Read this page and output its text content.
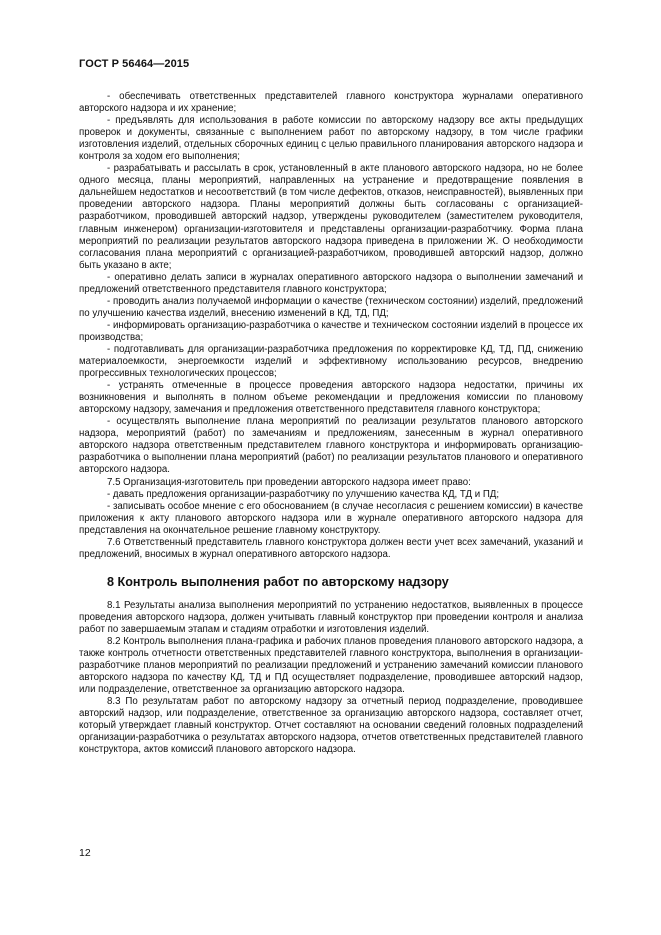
ГОСТ Р 56464—2015

- обеспечивать ответственных представителей главного конструктора журналами оперативного авторского надзора и их хранение;

- предъявлять для использования в работе комиссии по авторскому надзору все акты предыдущих проверок и документы, связанные с выполнением работ по авторскому надзору, в том числе графики изготовления изделий, отдельных сборочных единиц с целью правильного планирования авторского надзора и контроля за ходом его выполнения;

- разрабатывать и рассылать в срок, установленный в акте планового авторского надзора, но не более одного месяца, планы мероприятий, направленных на устранение и предотвращение появления в дальнейшем недостатков и несоответствий (в том числе дефектов, отказов, неисправностей), выявленных при проведении авторского надзора. Планы мероприятий должны быть согласованы с организацией-разработчиком, проводившей авторский надзор, утверждены руководителем (заместителем руководителя, главным инженером) организации-изготовителя и представлены организации-разработчику. Форма плана мероприятий по реализации результатов авторского надзора приведена в приложении Ж. О необходимости согласования плана мероприятий с организацией-разработчиком, проводившей авторский надзор, должно быть указано в акте;

- оперативно делать записи в журналах оперативного авторского надзора о выполнении замечаний и предложений ответственного представителя главного конструктора;

- проводить анализ получаемой информации о качестве (техническом состоянии) изделий, предложений по улучшению качества изделий, внесению изменений в КД, ТД, ПД;

- информировать организацию-разработчика о качестве и техническом состоянии изделий в процессе их производства;

- подготавливать для организации-разработчика предложения по корректировке КД, ТД, ПД, снижению материалоемкости, энергоемкости изделий и эффективному использованию ресурсов, внедрению прогрессивных технологических процессов;

- устранять отмеченные в процессе проведения авторского надзора недостатки, причины их возникновения и выполнять в полном объеме рекомендации и предложения комиссии по плановому авторскому надзору, замечания и предложения ответственного представителя главного конструктора;

- осуществлять выполнение плана мероприятий по реализации результатов планового авторского надзора, мероприятий (работ) по замечаниям и предложениям, занесенным в журнал оперативного авторского надзора ответственным представителем главного конструктора и информировать организацию-разработчика о выполнении плана мероприятий (работ) по реализации результатов планового и оперативного авторского надзора.

7.5 Организация-изготовитель при проведении авторского надзора имеет право:

- давать предложения организации-разработчику по улучшению качества КД, ТД и ПД;

- записывать особое мнение с его обоснованием (в случае несогласия с решением комиссии) в качестве приложения к акту планового авторского надзора или в журнале оперативного авторского надзора для представления на окончательное решение главному конструктору.

7.6 Ответственный представитель главного конструктора должен вести учет всех замечаний, указаний и предложений, вносимых в журнал оперативного авторского надзора.

8 Контроль выполнения работ по авторскому надзору

8.1 Результаты анализа выполнения мероприятий по устранению недостатков, выявленных в процессе проведения авторского надзора, должен учитывать главный конструктор при проведении контроля и анализа работ по завершаемым этапам и стадиям отработки и изготовления изделий.

8.2 Контроль выполнения плана-графика и рабочих планов проведения планового авторского надзора, а также контроль отчетности ответственных представителей главного конструктора, выполнения в организации-разработчике планов мероприятий по реализации предложений и устранению замечаний комиссии планового авторского надзора по качеству КД, ТД и ПД осуществляет подразделение, проводившее авторский надзор, или подразделение, ответственное за организацию авторского надзора.

8.3 По результатам работ по авторскому надзору за отчетный период подразделение, проводившее авторский надзор, или подразделение, ответственное за организацию авторского надзора, составляет отчет, который утверждает главный конструктор. Отчет составляют на основании сведений головных подразделений организации-разработчика о результатах авторского надзора, отчетов ответственных представителей главного конструктора, актов комиссий планового авторского надзора.

12
